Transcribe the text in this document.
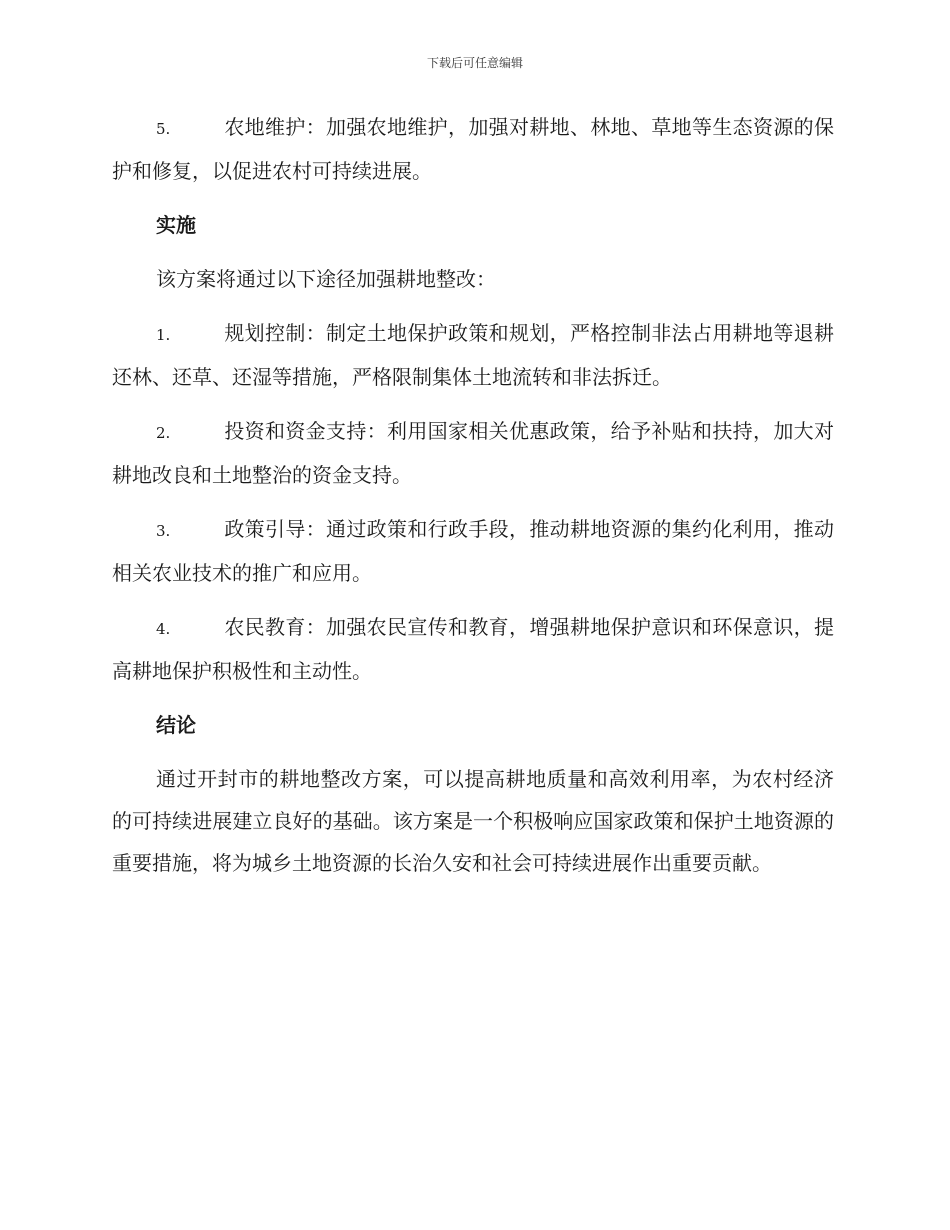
下载后可任意编辑

5.	农地维护：加强农地维护，加强对耕地、林地、草地等生态资源的保护和修复，以促进农村可持续进展。

实施

该方案将通过以下途径加强耕地整改：

1.	规划控制：制定土地保护政策和规划，严格控制非法占用耕地等退耕还林、还草、还湿等措施，严格限制集体土地流转和非法拆迁。

2.	投资和资金支持：利用国家相关优惠政策，给予补贴和扶持，加大对耕地改良和土地整治的资金支持。

3.	政策引导：通过政策和行政手段，推动耕地资源的集约化利用，推动相关农业技术的推广和应用。

4.	农民教育：加强农民宣传和教育，增强耕地保护意识和环保意识，提高耕地保护积极性和主动性。

结论

通过开封市的耕地整改方案，可以提高耕地质量和高效利用率，为农村经济的可持续进展建立良好的基础。该方案是一个积极响应国家政策和保护土地资源的重要措施，将为城乡土地资源的长治久安和社会可持续进展作出重要贡献。
